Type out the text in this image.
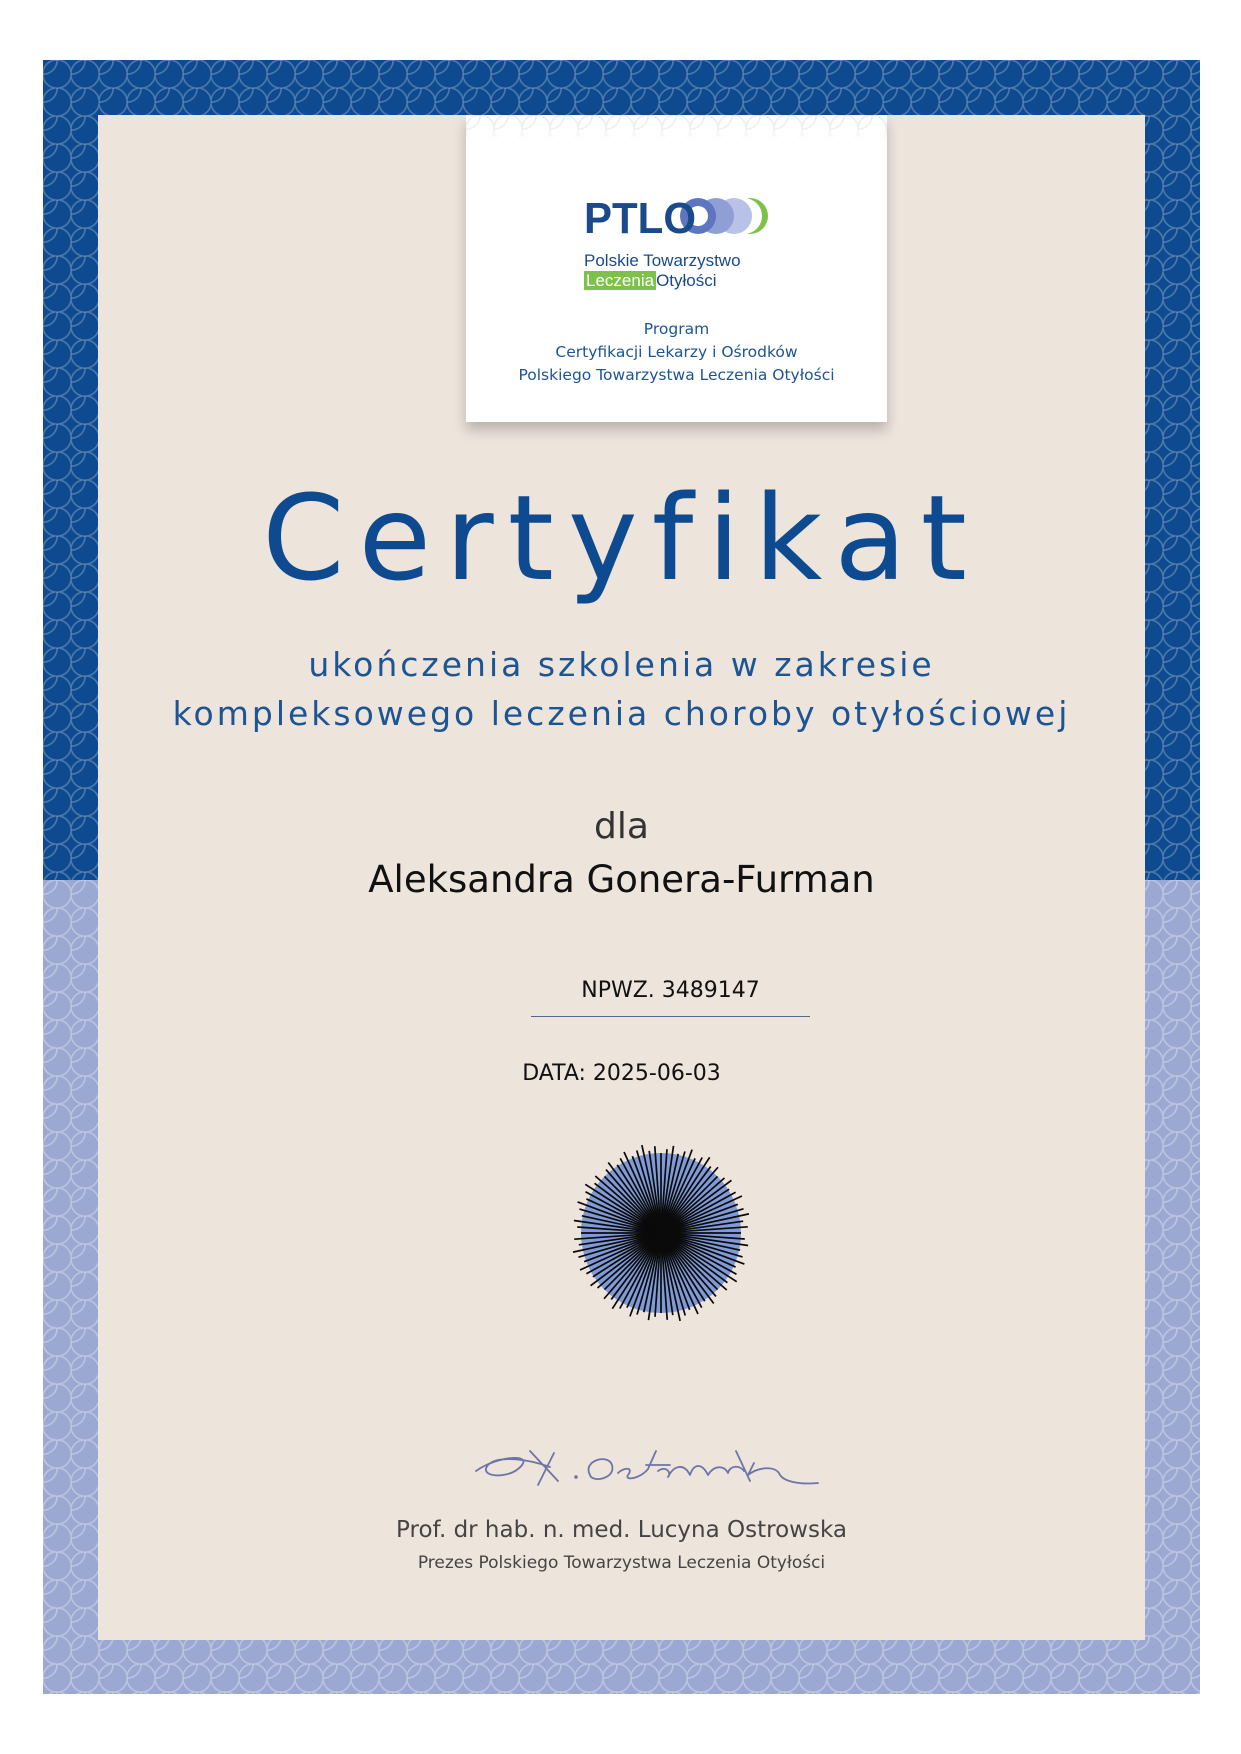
PTLO
Polskie Towarzystwo
Leczenia Otyłości
Program
Certyfikacji Lekarzy i Ośrodków
Polskiego Towarzystwa Leczenia Otyłości
Certyfikat
ukończenia szkolenia w zakresie
kompleksowego leczenia choroby otyłościowej
dla
Aleksandra Gonera-Furman
NPWZ. 3489147
DATA: 2025-06-03
Prof. dr hab. n. med. Lucyna Ostrowska
Prezes Polskiego Towarzystwa Leczenia Otyłości
